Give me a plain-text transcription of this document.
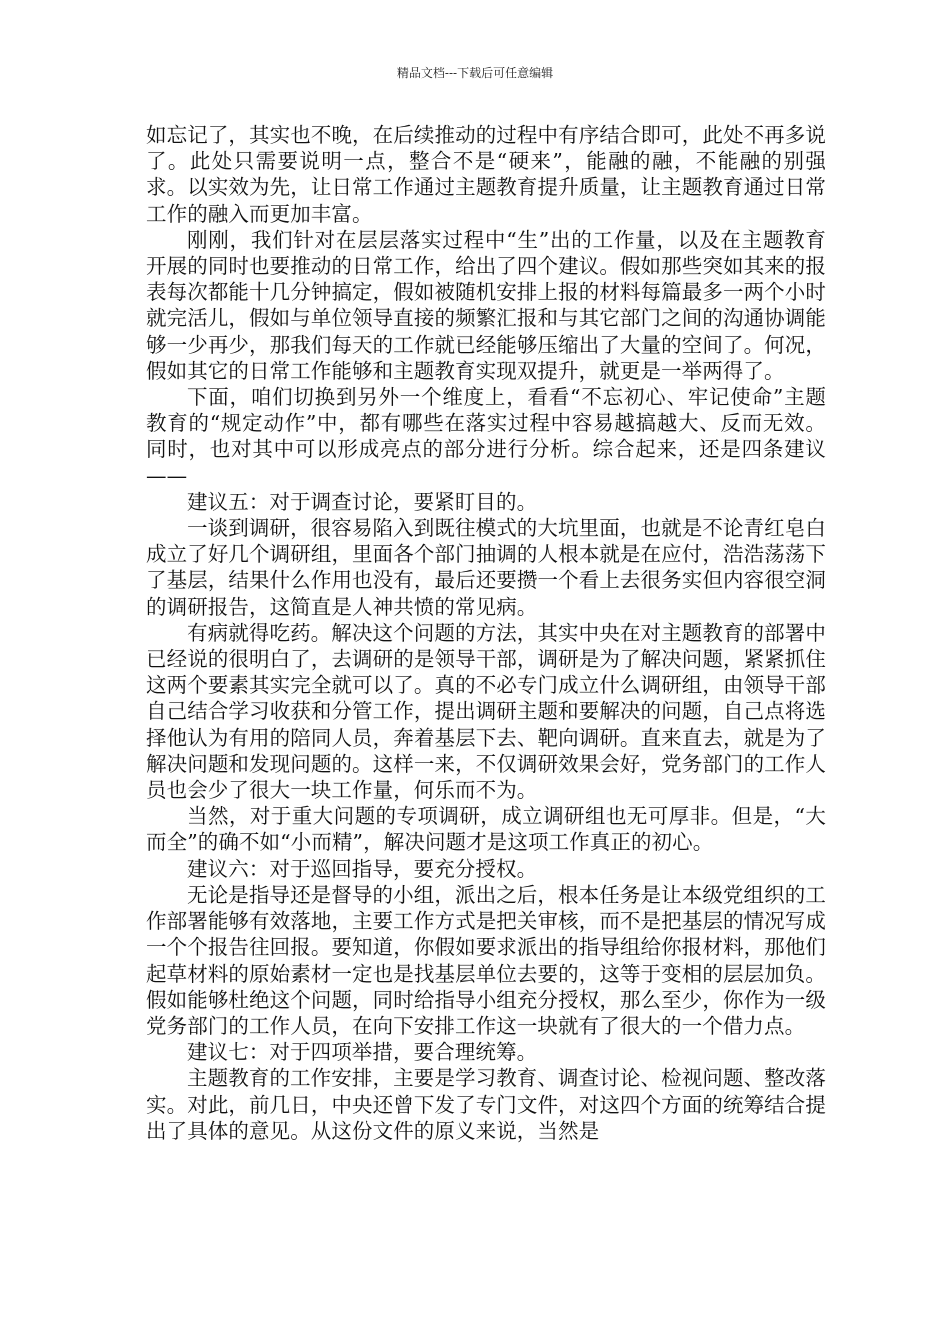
精品文档---下载后可任意编辑

如忘记了，其实也不晚，在后续推动的过程中有序结合即可，此处不再多说了。此处只需要说明一点，整合不是“硬来”，能融的融，不能融的别强求。以实效为先，让日常工作通过主题教育提升质量，让主题教育通过日常工作的融入而更加丰富。

刚刚，我们针对在层层落实过程中“生”出的工作量，以及在主题教育开展的同时也要推动的日常工作，给出了四个建议。假如那些突如其来的报表每次都能十几分钟搞定，假如被随机安排上报的材料每篇最多一两个小时就完活儿，假如与单位领导直接的频繁汇报和与其它部门之间的沟通协调能够一少再少，那我们每天的工作就已经能够压缩出了大量的空间了。何况，假如其它的日常工作能够和主题教育实现双提升，就更是一举两得了。

下面，咱们切换到另外一个维度上，看看“不忘初心、牢记使命”主题教育的“规定动作”中，都有哪些在落实过程中容易越搞越大、反而无效。同时，也对其中可以形成亮点的部分进行分析。综合起来，还是四条建议——

建议五：对于调查讨论，要紧盯目的。

一谈到调研，很容易陷入到既往模式的大坑里面，也就是不论青红皂白成立了好几个调研组，里面各个部门抽调的人根本就是在应付，浩浩荡荡下了基层，结果什么作用也没有，最后还要攒一个看上去很务实但内容很空洞的调研报告，这简直是人神共愤的常见病。

有病就得吃药。解决这个问题的方法，其实中央在对主题教育的部署中已经说的很明白了，去调研的是领导干部，调研是为了解决问题，紧紧抓住这两个要素其实完全就可以了。真的不必专门成立什么调研组，由领导干部自己结合学习收获和分管工作，提出调研主题和要解决的问题，自己点将选择他认为有用的陪同人员，奔着基层下去、靶向调研。直来直去，就是为了解决问题和发现问题的。这样一来，不仅调研效果会好，党务部门的工作人员也会少了很大一块工作量，何乐而不为。

当然，对于重大问题的专项调研，成立调研组也无可厚非。但是，“大而全”的确不如“小而精”，解决问题才是这项工作真正的初心。

建议六：对于巡回指导，要充分授权。

无论是指导还是督导的小组，派出之后，根本任务是让本级党组织的工作部署能够有效落地，主要工作方式是把关审核，而不是把基层的情况写成一个个报告往回报。要知道，你假如要求派出的指导组给你报材料，那他们起草材料的原始素材一定也是找基层单位去要的，这等于变相的层层加负。假如能够杜绝这个问题，同时给指导小组充分授权，那么至少，你作为一级党务部门的工作人员，在向下安排工作这一块就有了很大的一个借力点。

建议七：对于四项举措，要合理统筹。

主题教育的工作安排，主要是学习教育、调查讨论、检视问题、整改落实。对此，前几日，中央还曾下发了专门文件，对这四个方面的统筹结合提出了具体的意见。从这份文件的原义来说，当然是
